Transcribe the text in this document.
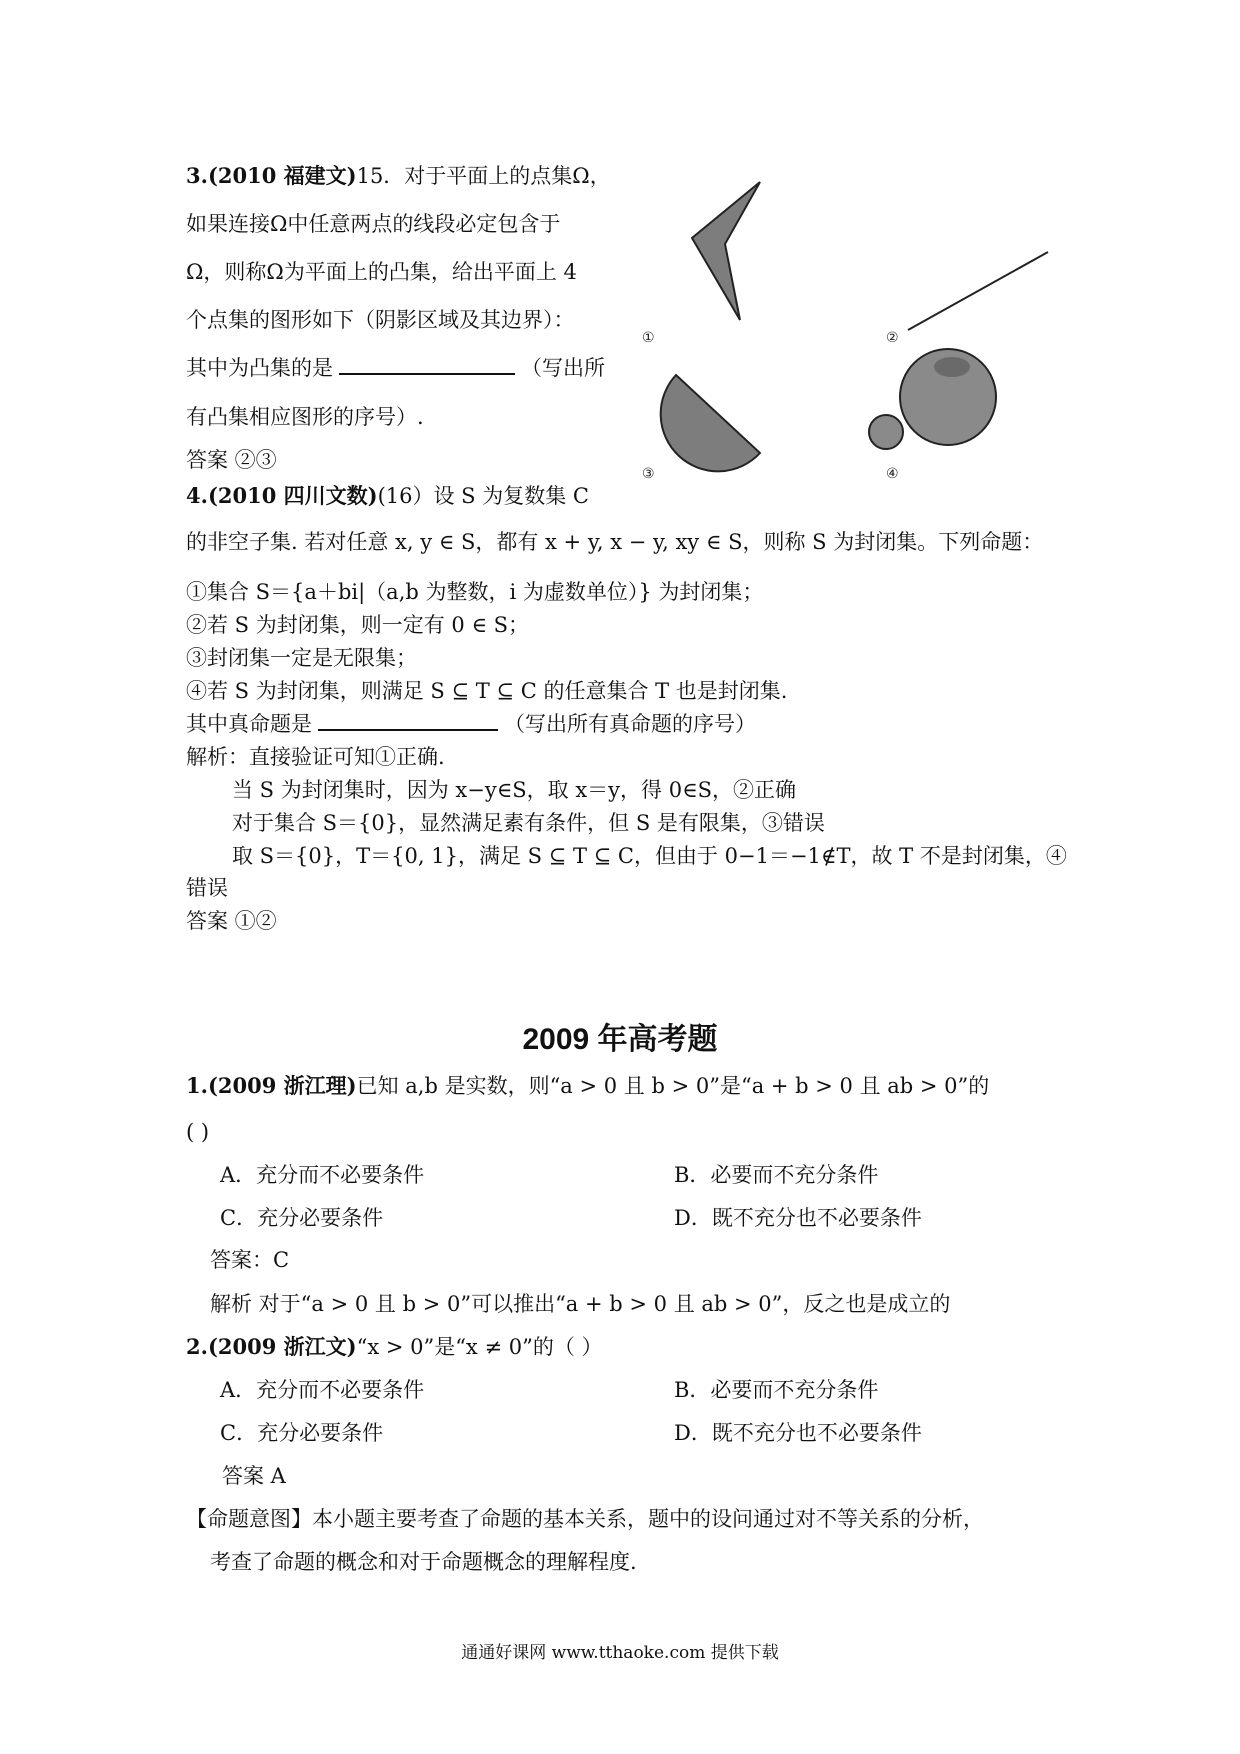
3.(2010 福建文)15．对于平面上的点集Ω，
如果连接Ω中任意两点的线段必定包含于
Ω，则称Ω为平面上的凸集，给出平面上 4
个点集的图形如下（阴影区域及其边界）：
其中为凸集的是	（写出所
有凸集相应图形的序号）.
答案 ②③
①	②
③	④
4.(2010 四川文数)(16）设 S 为复数集 C
的非空子集. 若对任意 x, y ∈ S，都有 x + y, x − y, xy ∈ S，则称 S 为封闭集。下列命题：
①集合 S＝{a＋bi|（a,b 为整数，i 为虚数单位）} 为封闭集；
②若 S 为封闭集，则一定有 0 ∈ S；
③封闭集一定是无限集；
④若 S 为封闭集，则满足 S ⊆ T ⊆ C 的任意集合 T 也是封闭集.
其中真命题是	（写出所有真命题的序号）
解析：直接验证可知①正确.
当 S 为封闭集时，因为 x−y∈S，取 x＝y，得 0∈S，②正确
对于集合 S＝{0}，显然满足素有条件，但 S 是有限集，③错误
取 S＝{0}，T＝{0, 1}，满足 S ⊆ T ⊆ C，但由于 0−1＝−1∉T，故 T 不是封闭集，④
错误
答案 ①②
2009 年高考题
1.(2009 浙江理)已知 a,b 是实数，则“a > 0 且 b > 0”是“a + b > 0 且 ab > 0”的
( )
A．充分而不必要条件	B．必要而不充分条件
C．充分必要条件	D．既不充分也不必要条件
答案：C
解析 对于“a > 0 且 b > 0”可以推出“a + b > 0 且 ab > 0”，反之也是成立的
2.(2009 浙江文)“x > 0”是“x ≠ 0”的（ ）
A．充分而不必要条件	B．必要而不充分条件
C．充分必要条件	D．既不充分也不必要条件
答案 A
【命题意图】本小题主要考查了命题的基本关系，题中的设问通过对不等关系的分析，
考查了命题的概念和对于命题概念的理解程度.
通通好课网 www.tthaoke.com 提供下载
